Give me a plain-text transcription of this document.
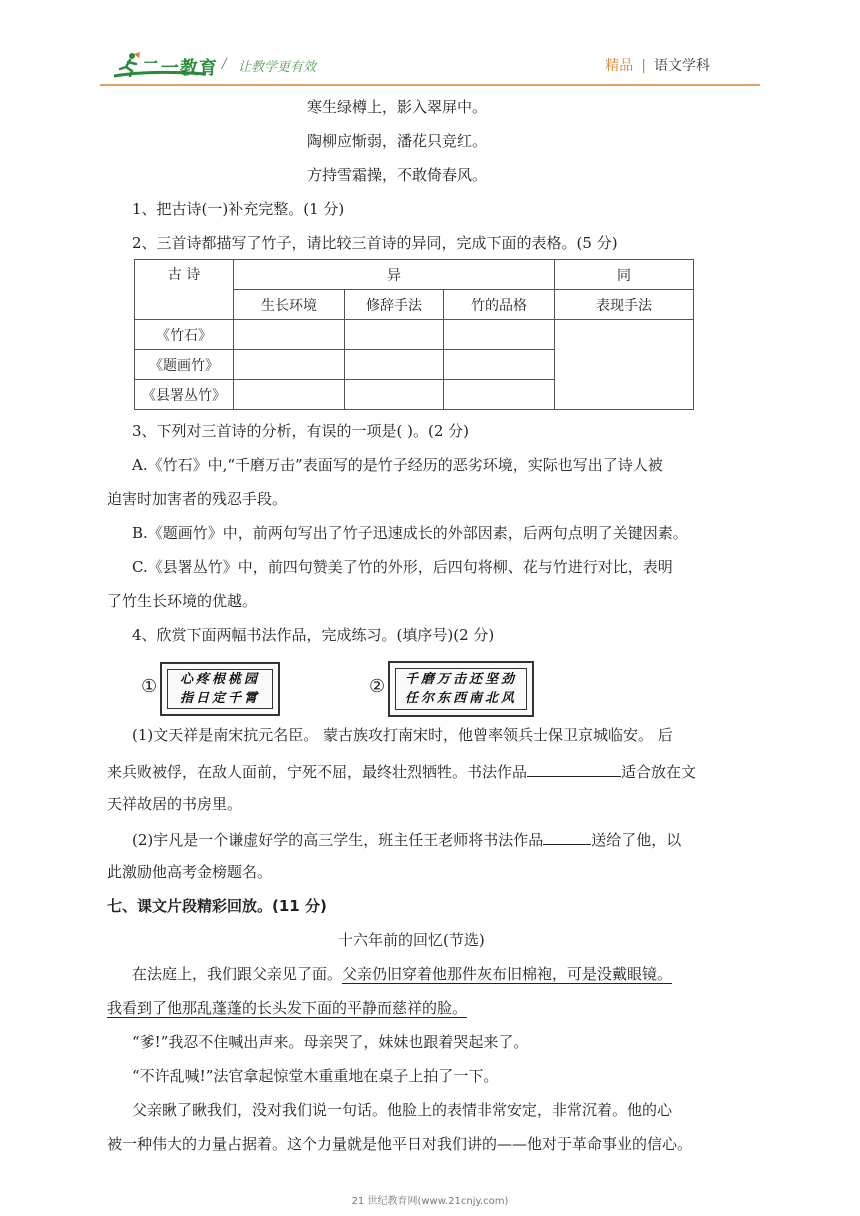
二一教育 / 让教学更有效	精品 | 语文学科
寒生绿樽上，影入翠屏中。
陶柳应惭弱，潘花只竞红。
方持雪霜操，不敢倚春风。
1、把古诗(一)补充完整。(1 分)
2、三首诗都描写了竹子，请比较三首诗的异同，完成下面的表格。(5 分)
古 诗	异			同
	生长环境	修辞手法	竹的品格	表现手法
《竹石》				
《题画竹》				
《县署丛竹》				
3、下列对三首诗的分析，有误的一项是( )。(2 分)
A.《竹石》中,“千磨万击”表面写的是竹子经历的恶劣环境，实际也写出了诗人被
迫害时加害者的残忍手段。
B.《题画竹》中，前两句写出了竹子迅速成长的外部因素，后两句点明了关键因素。
C.《县署丛竹》中，前四句赞美了竹的外形，后四句将柳、花与竹进行对比，表明
了竹生长环境的优越。
4、欣赏下面两幅书法作品，完成练习。(填序号)(2 分)
① 心疼根桃园
指日定千霄
② 千磨万击还坚劲
任尔东西南北风
(1)文天祥是南宋抗元名臣。 蒙古族攻打南宋时，他曾率领兵士保卫京城临安。 后
来兵败被俘，在敌人面前，宁死不屈，最终壮烈牺牲。书法作品	适合放在文
天祥故居的书房里。
(2)宇凡是一个谦虚好学的高三学生，班主任王老师将书法作品	送给了他，以
此激励他高考金榜题名。
七、课文片段精彩回放。(11 分)
十六年前的回忆(节选)
在法庭上，我们跟父亲见了面。父亲仍旧穿着他那件灰布旧棉袍，可是没戴眼镜。
我看到了他那乱蓬蓬的长头发下面的平静而慈祥的脸。
“爹!”我忍不住喊出声来。母亲哭了，妹妹也跟着哭起来了。
“不许乱喊!”法官拿起惊堂木重重地在桌子上拍了一下。
父亲瞅了瞅我们，没对我们说一句话。他脸上的表情非常安定，非常沉着。他的心
被一种伟大的力量占据着。这个力量就是他平日对我们讲的——他对于革命事业的信心。
21 世纪教育网(www.21cnjy.com)
